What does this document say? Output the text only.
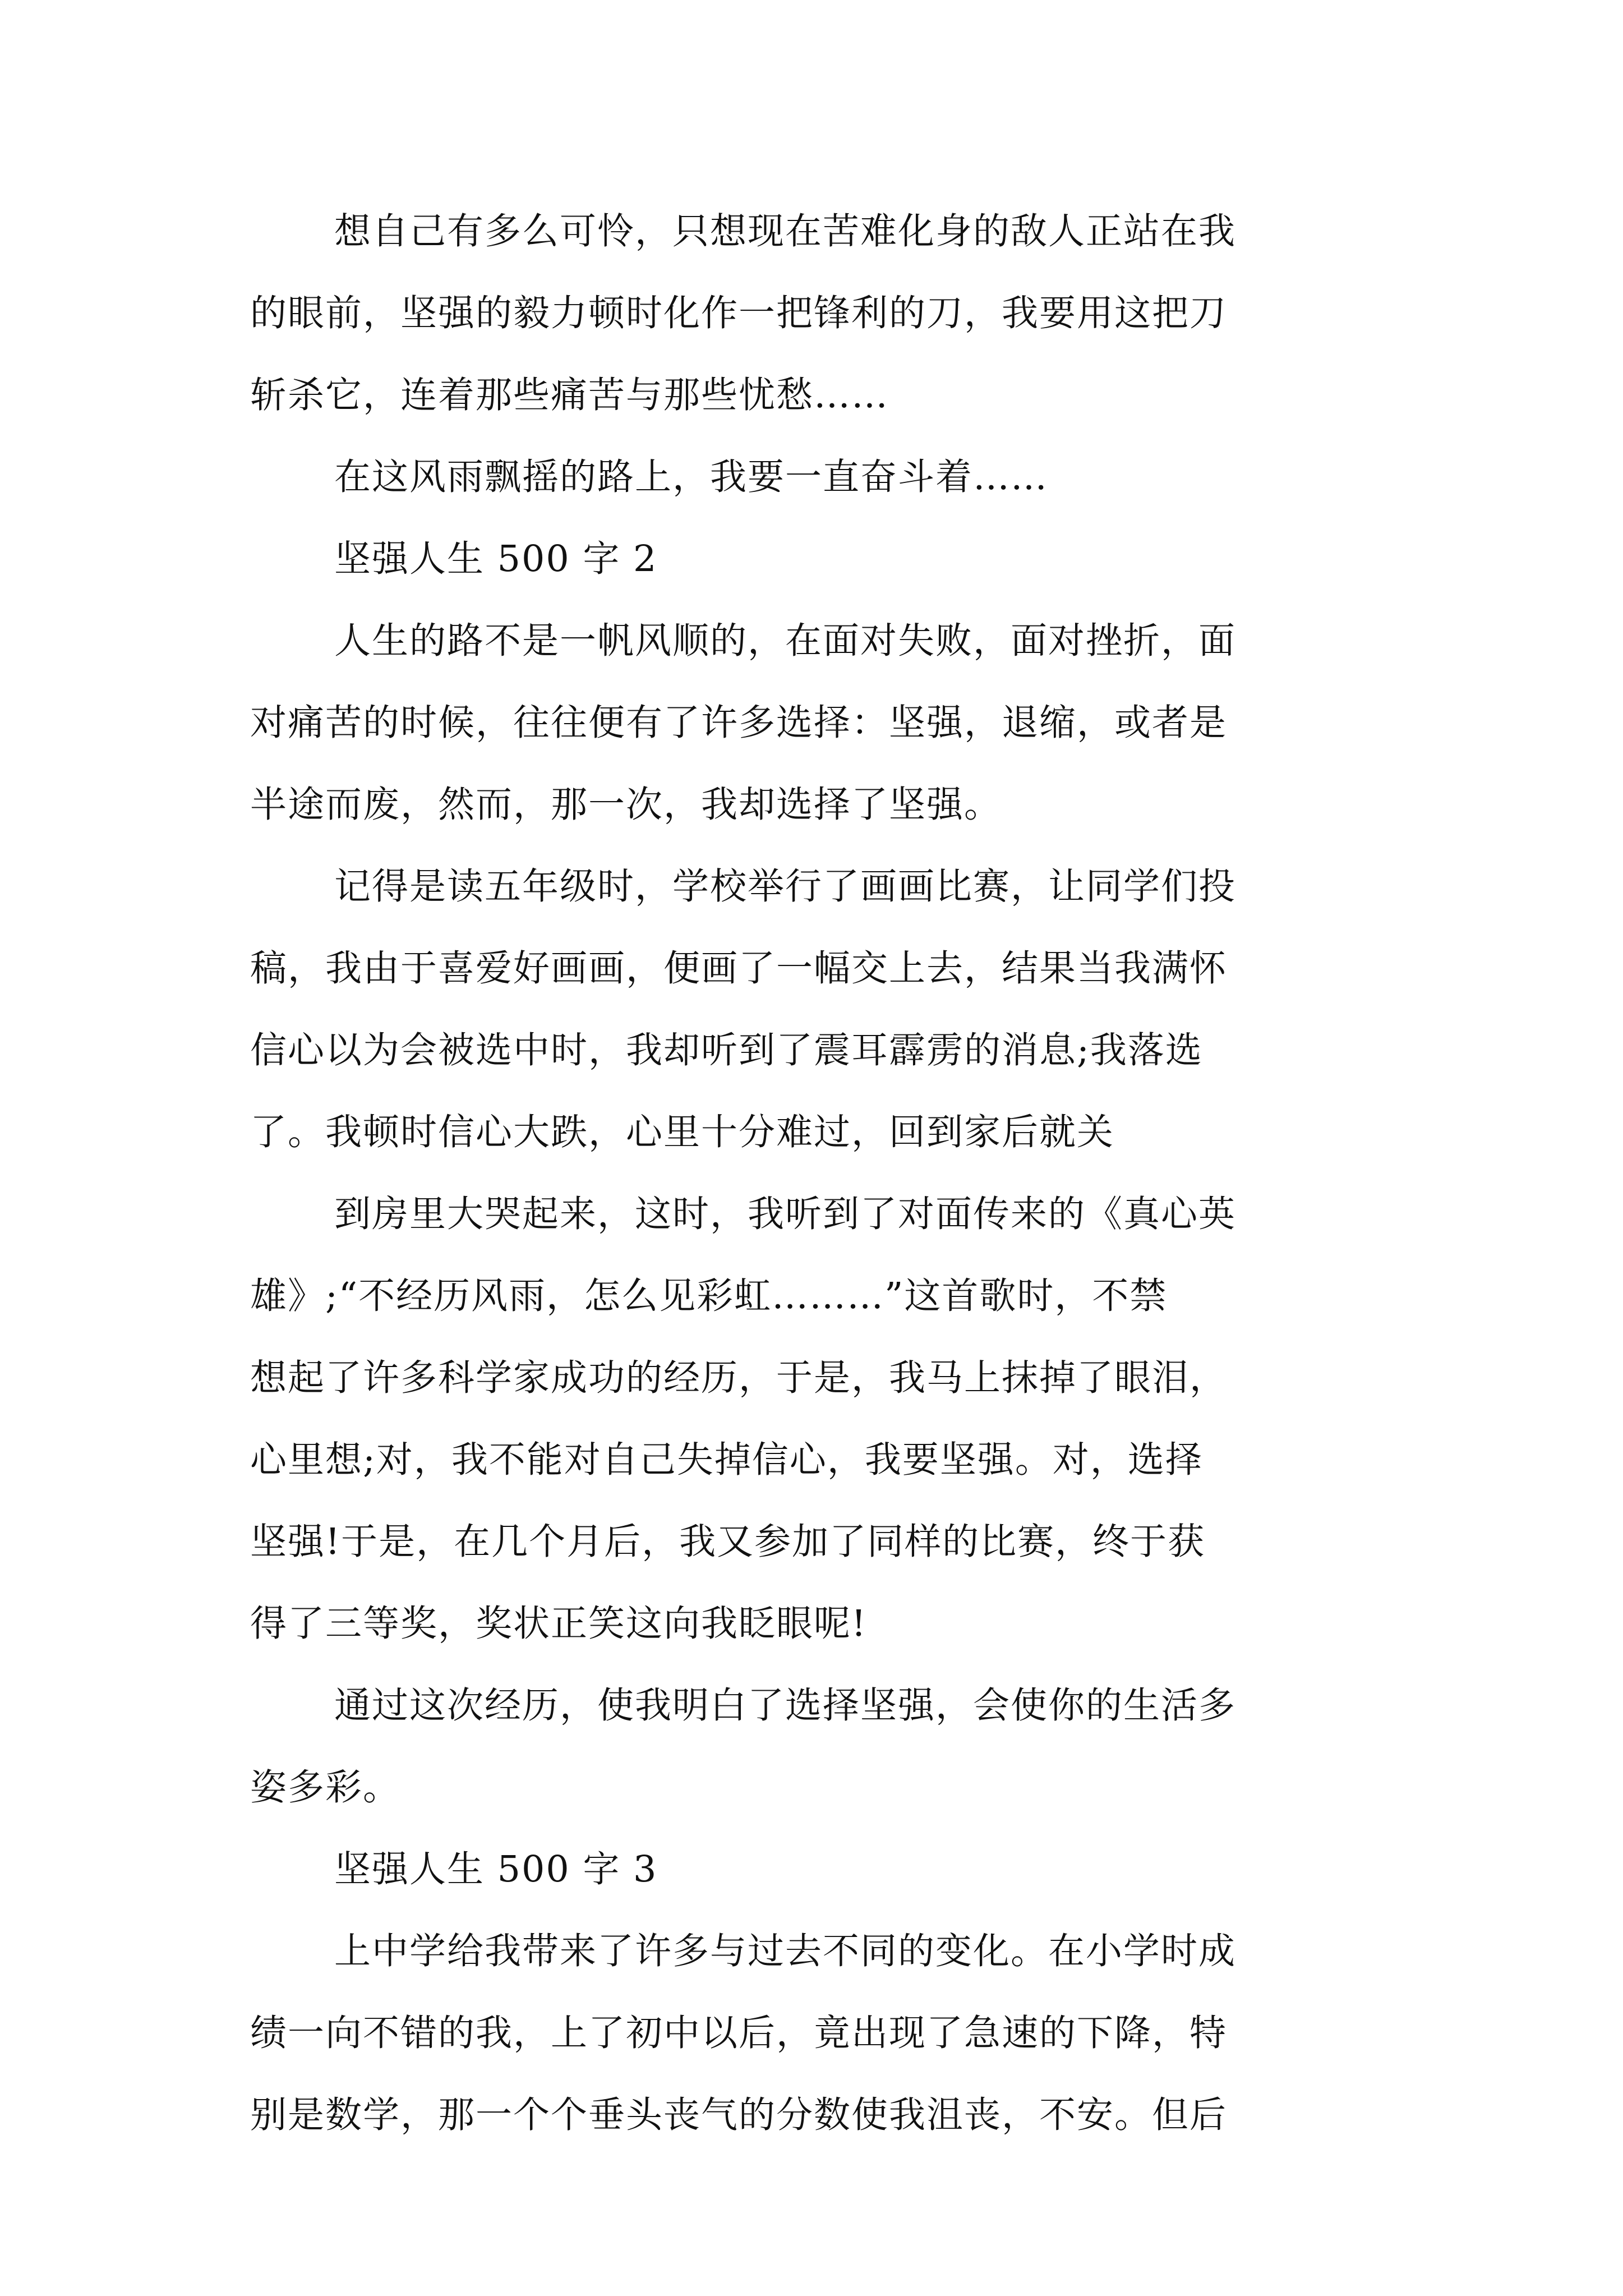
想自己有多么可怜，只想现在苦难化身的敌人正站在我
的眼前，坚强的毅力顿时化作一把锋利的刀，我要用这把刀
斩杀它，连着那些痛苦与那些忧愁……
在这风雨飘摇的路上，我要一直奋斗着……
坚强人生 500 字 2
人生的路不是一帆风顺的，在面对失败，面对挫折，面
对痛苦的时候，往往便有了许多选择：坚强，退缩，或者是
半途而废，然而，那一次，我却选择了坚强。
记得是读五年级时，学校举行了画画比赛，让同学们投
稿，我由于喜爱好画画，便画了一幅交上去，结果当我满怀
信心以为会被选中时，我却听到了震耳霹雳的消息;我落选
了。我顿时信心大跌，心里十分难过，回到家后就关
到房里大哭起来，这时，我听到了对面传来的《真心英
雄》;“不经历风雨，怎么见彩虹………”这首歌时，不禁
想起了许多科学家成功的经历，于是，我马上抹掉了眼泪，
心里想;对，我不能对自己失掉信心，我要坚强。对，选择
坚强!于是，在几个月后，我又参加了同样的比赛，终于获
得了三等奖，奖状正笑这向我眨眼呢!
通过这次经历，使我明白了选择坚强，会使你的生活多
姿多彩。
坚强人生 500 字 3
上中学给我带来了许多与过去不同的变化。在小学时成
绩一向不错的我，上了初中以后，竟出现了急速的下降，特
别是数学，那一个个垂头丧气的分数使我沮丧，不安。但后
